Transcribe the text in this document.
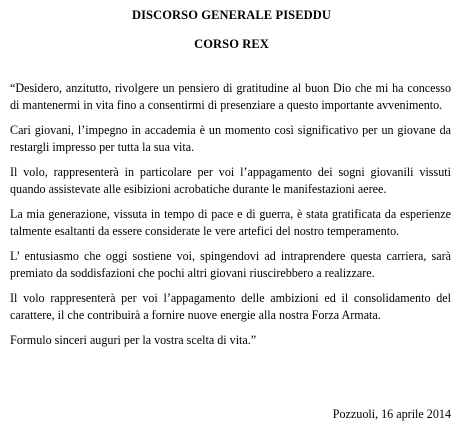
DISCORSO GENERALE PISEDDU
CORSO REX

“Desidero, anzitutto, rivolgere un pensiero di gratitudine al buon Dio che mi ha concesso di mantenermi in vita fino a consentirmi di presenziare a questo importante avvenimento.

Cari giovani, l’impegno in accademia è un momento così significativo per un giovane da restargli impresso per tutta la sua vita.

Il volo, rappresenterà in particolare per voi l’appagamento dei sogni giovanili vissuti quando assistevate alle esibizioni acrobatiche durante le manifestazioni aeree.

La mia generazione, vissuta in tempo di pace e di guerra, è stata gratificata da esperienze talmente esaltanti da essere considerate le vere artefici del nostro temperamento.

L’ entusiasmo che oggi sostiene voi, spingendovi ad intraprendere questa carriera, sarà premiato da soddisfazioni che pochi altri giovani riuscirebbero a realizzare.

Il volo rappresenterà per voi l’appagamento delle ambizioni ed il consolidamento del carattere, il che contribuirà a fornire nuove energie alla nostra Forza Armata.

Formulo sinceri auguri per la vostra scelta di vita.”

Pozzuoli, 16 aprile 2014
